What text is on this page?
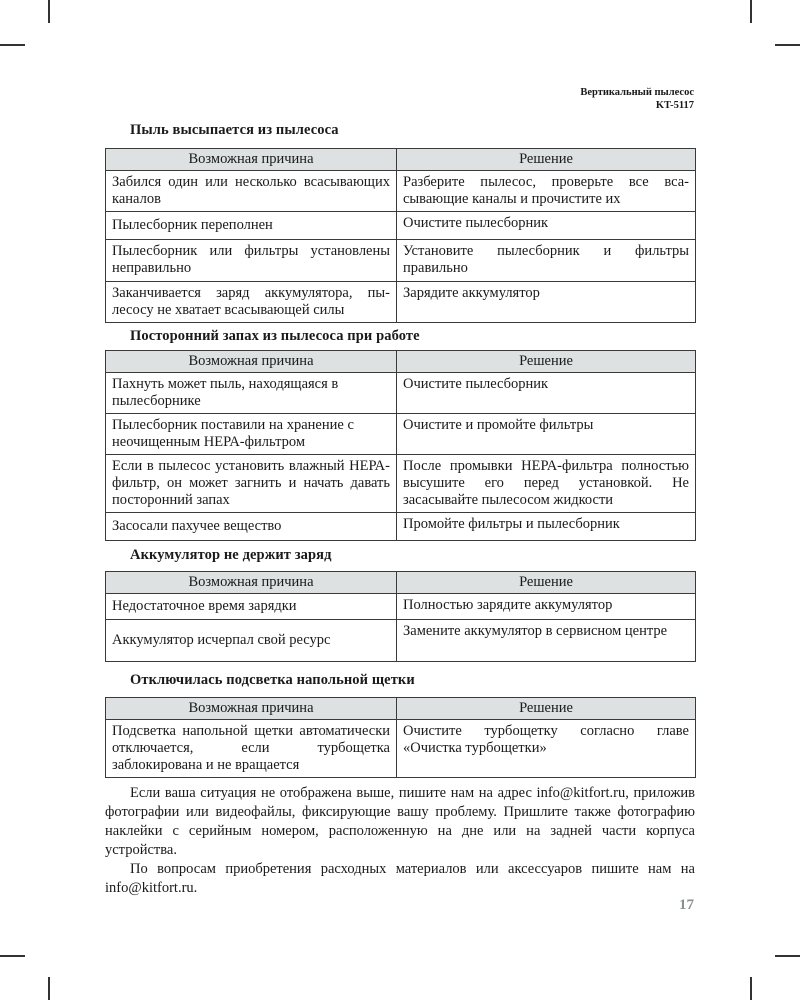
Вертикальный пылесос
KT-5117
Пыль высыпается из пылесоса
Возможная причина	Решение
Забился один или несколько всасывающих каналов	Разберите пылесос, проверьте все всасывающие каналы и прочистите их
Пылесборник переполнен	Очистите пылесборник
Пылесборник или фильтры установлены неправильно	Установите пылесборник и фильтры правильно
Заканчивается заряд аккумулятора, пылесосу не хватает всасывающей силы	Зарядите аккумулятор
Посторонний запах из пылесоса при работе
Возможная причина	Решение
Пахнуть может пыль, находящаяся в пылесборнике	Очистите пылесборник
Пылесборник поставили на хранение с неочищенным НЕРА-фильтром	Очистите и промойте фильтры
Если в пылесос установить влажный НЕРА-фильтр, он может загнить и начать давать посторонний запах	После промывки НЕРА-фильтра полностью высушите его перед установкой. Не засасывайте пылесосом жидкости
Засосали пахучее вещество	Промойте фильтры и пылесборник
Аккумулятор не держит заряд
Возможная причина	Решение
Недостаточное время зарядки	Полностью зарядите аккумулятор
Аккумулятор исчерпал свой ресурс	Замените аккумулятор в сервисном центре
Отключилась подсветка напольной щетки
Возможная причина	Решение
Подсветка напольной щетки автоматически отключается, если турбощетка заблокирована и не вращается	Очистите турбощетку согласно главе «Очистка турбощетки»

Если ваша ситуация не отображена выше, пишите нам на адрес info@kitfort.ru, приложив фотографии или видеофайлы, фиксирующие вашу проблему. Пришлите также фотографию наклейки с серийным номером, расположенную на дне или на задней части корпуса устройства.

По вопросам приобретения расходных материалов или аксессуаров пишите нам на info@kitfort.ru.

17
